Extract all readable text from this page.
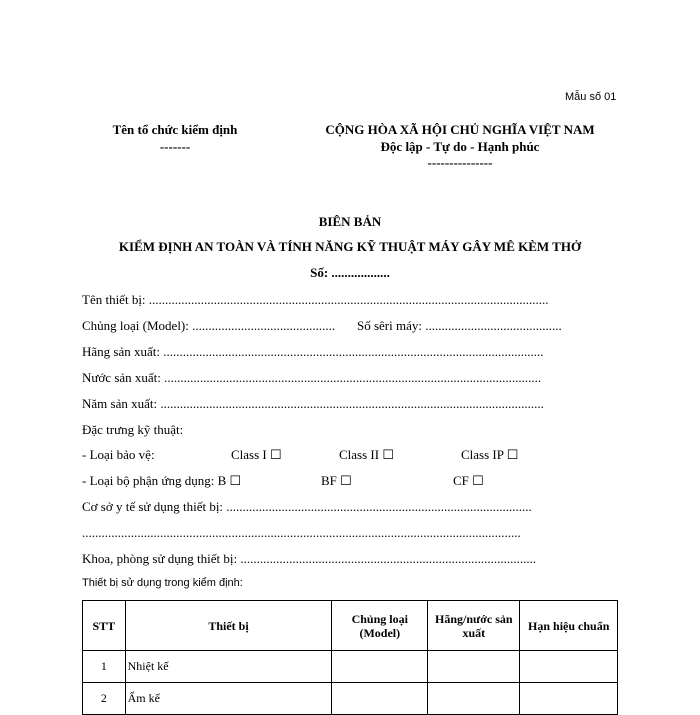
Mẫu số 01
Tên tổ chức kiểm định
-------
CỘNG HÒA XÃ HỘI CHỦ NGHĨA VIỆT NAM
Độc lập - Tự do - Hạnh phúc
---------------
BIÊN BẢN
KIỂM ĐỊNH AN TOÀN VÀ TÍNH NĂNG KỸ THUẬT MÁY GÂY MÊ KÈM THỞ
Số: ..................
Tên thiết bị: ...........................................................................................................................
Chủng loại (Model): ............................................ Số sêri máy: ..........................................
Hãng sản xuất: .....................................................................................................................
Nước sản xuất: ....................................................................................................................
Năm sản xuất: ......................................................................................................................
Đặc trưng kỹ thuật:
- Loại bảo vệ:	Class I ☐	Class II ☐	Class IP ☐
- Loại bộ phận ứng dụng: B ☐	BF ☐	CF ☐
Cơ sở y tế sử dụng thiết bị: ..............................................................................................
.......................................................................................................................................
Khoa, phòng sử dụng thiết bị: ...........................................................................................
Thiết bị sử dụng trong kiểm định:
STT	Thiết bị	Chủng loại (Model)	Hãng/nước sản xuất	Hạn hiệu chuẩn
1	Nhiệt kế			
2	Ẩm kế			
